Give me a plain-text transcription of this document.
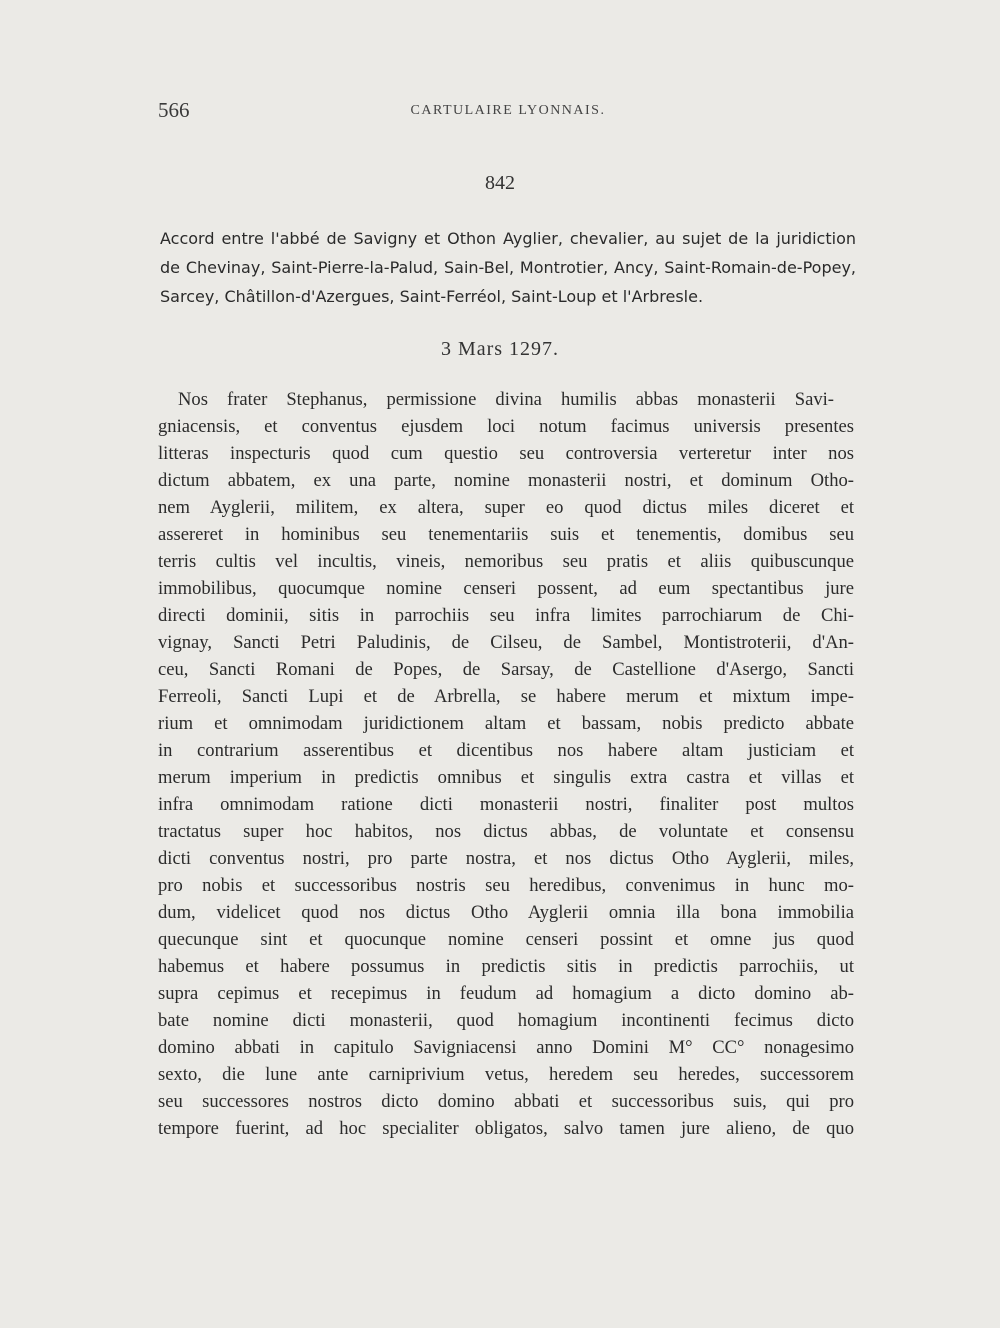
566	CARTULAIRE LYONNAIS.
842

Accord entre l'abbé de Savigny et Othon Ayglier, chevalier, au sujet de la juridiction de Chevinay, Saint-Pierre-la-Palud, Sain-Bel, Montrotier, Ancy, Saint-Romain-de-Popey, Sarcey, Châtillon-d'Azergues, Saint-Ferréol, Saint-Loup et l'Arbresle.

3 Mars 1297.
Nos frater Stephanus, permissione divina humilis abbas monasterii Savi-
gniacensis, et conventus ejusdem loci notum facimus universis presentes
litteras inspecturis quod cum questio seu controversia verteretur inter nos
dictum abbatem, ex una parte, nomine monasterii nostri, et dominum Otho-
nem Ayglerii, militem, ex altera, super eo quod dictus miles diceret et
assereret in hominibus seu tenementariis suis et tenementis, domibus seu
terris cultis vel incultis, vineis, nemoribus seu pratis et aliis quibuscunque
immobilibus, quocumque nomine censeri possent, ad eum spectantibus jure
directi dominii, sitis in parrochiis seu infra limites parrochiarum de Chi-
vignay, Sancti Petri Paludinis, de Cilseu, de Sambel, Montistroterii, d'An-
ceu, Sancti Romani de Popes, de Sarsay, de Castellione d'Asergo, Sancti
Ferreoli, Sancti Lupi et de Arbrella, se habere merum et mixtum impe-
rium et omnimodam juridictionem altam et bassam, nobis predicto abbate
in contrarium asserentibus et dicentibus nos habere altam justiciam et
merum imperium in predictis omnibus et singulis extra castra et villas et
infra omnimodam ratione dicti monasterii nostri, finaliter post multos
tractatus super hoc habitos, nos dictus abbas, de voluntate et consensu
dicti conventus nostri, pro parte nostra, et nos dictus Otho Ayglerii, miles,
pro nobis et successoribus nostris seu heredibus, convenimus in hunc mo-
dum, videlicet quod nos dictus Otho Ayglerii omnia illa bona immobilia
quecunque sint et quocunque nomine censeri possint et omne jus quod
habemus et habere possumus in predictis sitis in predictis parrochiis, ut
supra cepimus et recepimus in feudum ad homagium a dicto domino ab-
bate nomine dicti monasterii, quod homagium incontinenti fecimus dicto
domino abbati in capitulo Savigniacensi anno Domini M° CC° nonagesimo
sexto, die lune ante carniprivium vetus, heredem seu heredes, successorem
seu successores nostros dicto domino abbati et successoribus suis, qui pro
tempore fuerint, ad hoc specialiter obligatos, salvo tamen jure alieno, de quo
